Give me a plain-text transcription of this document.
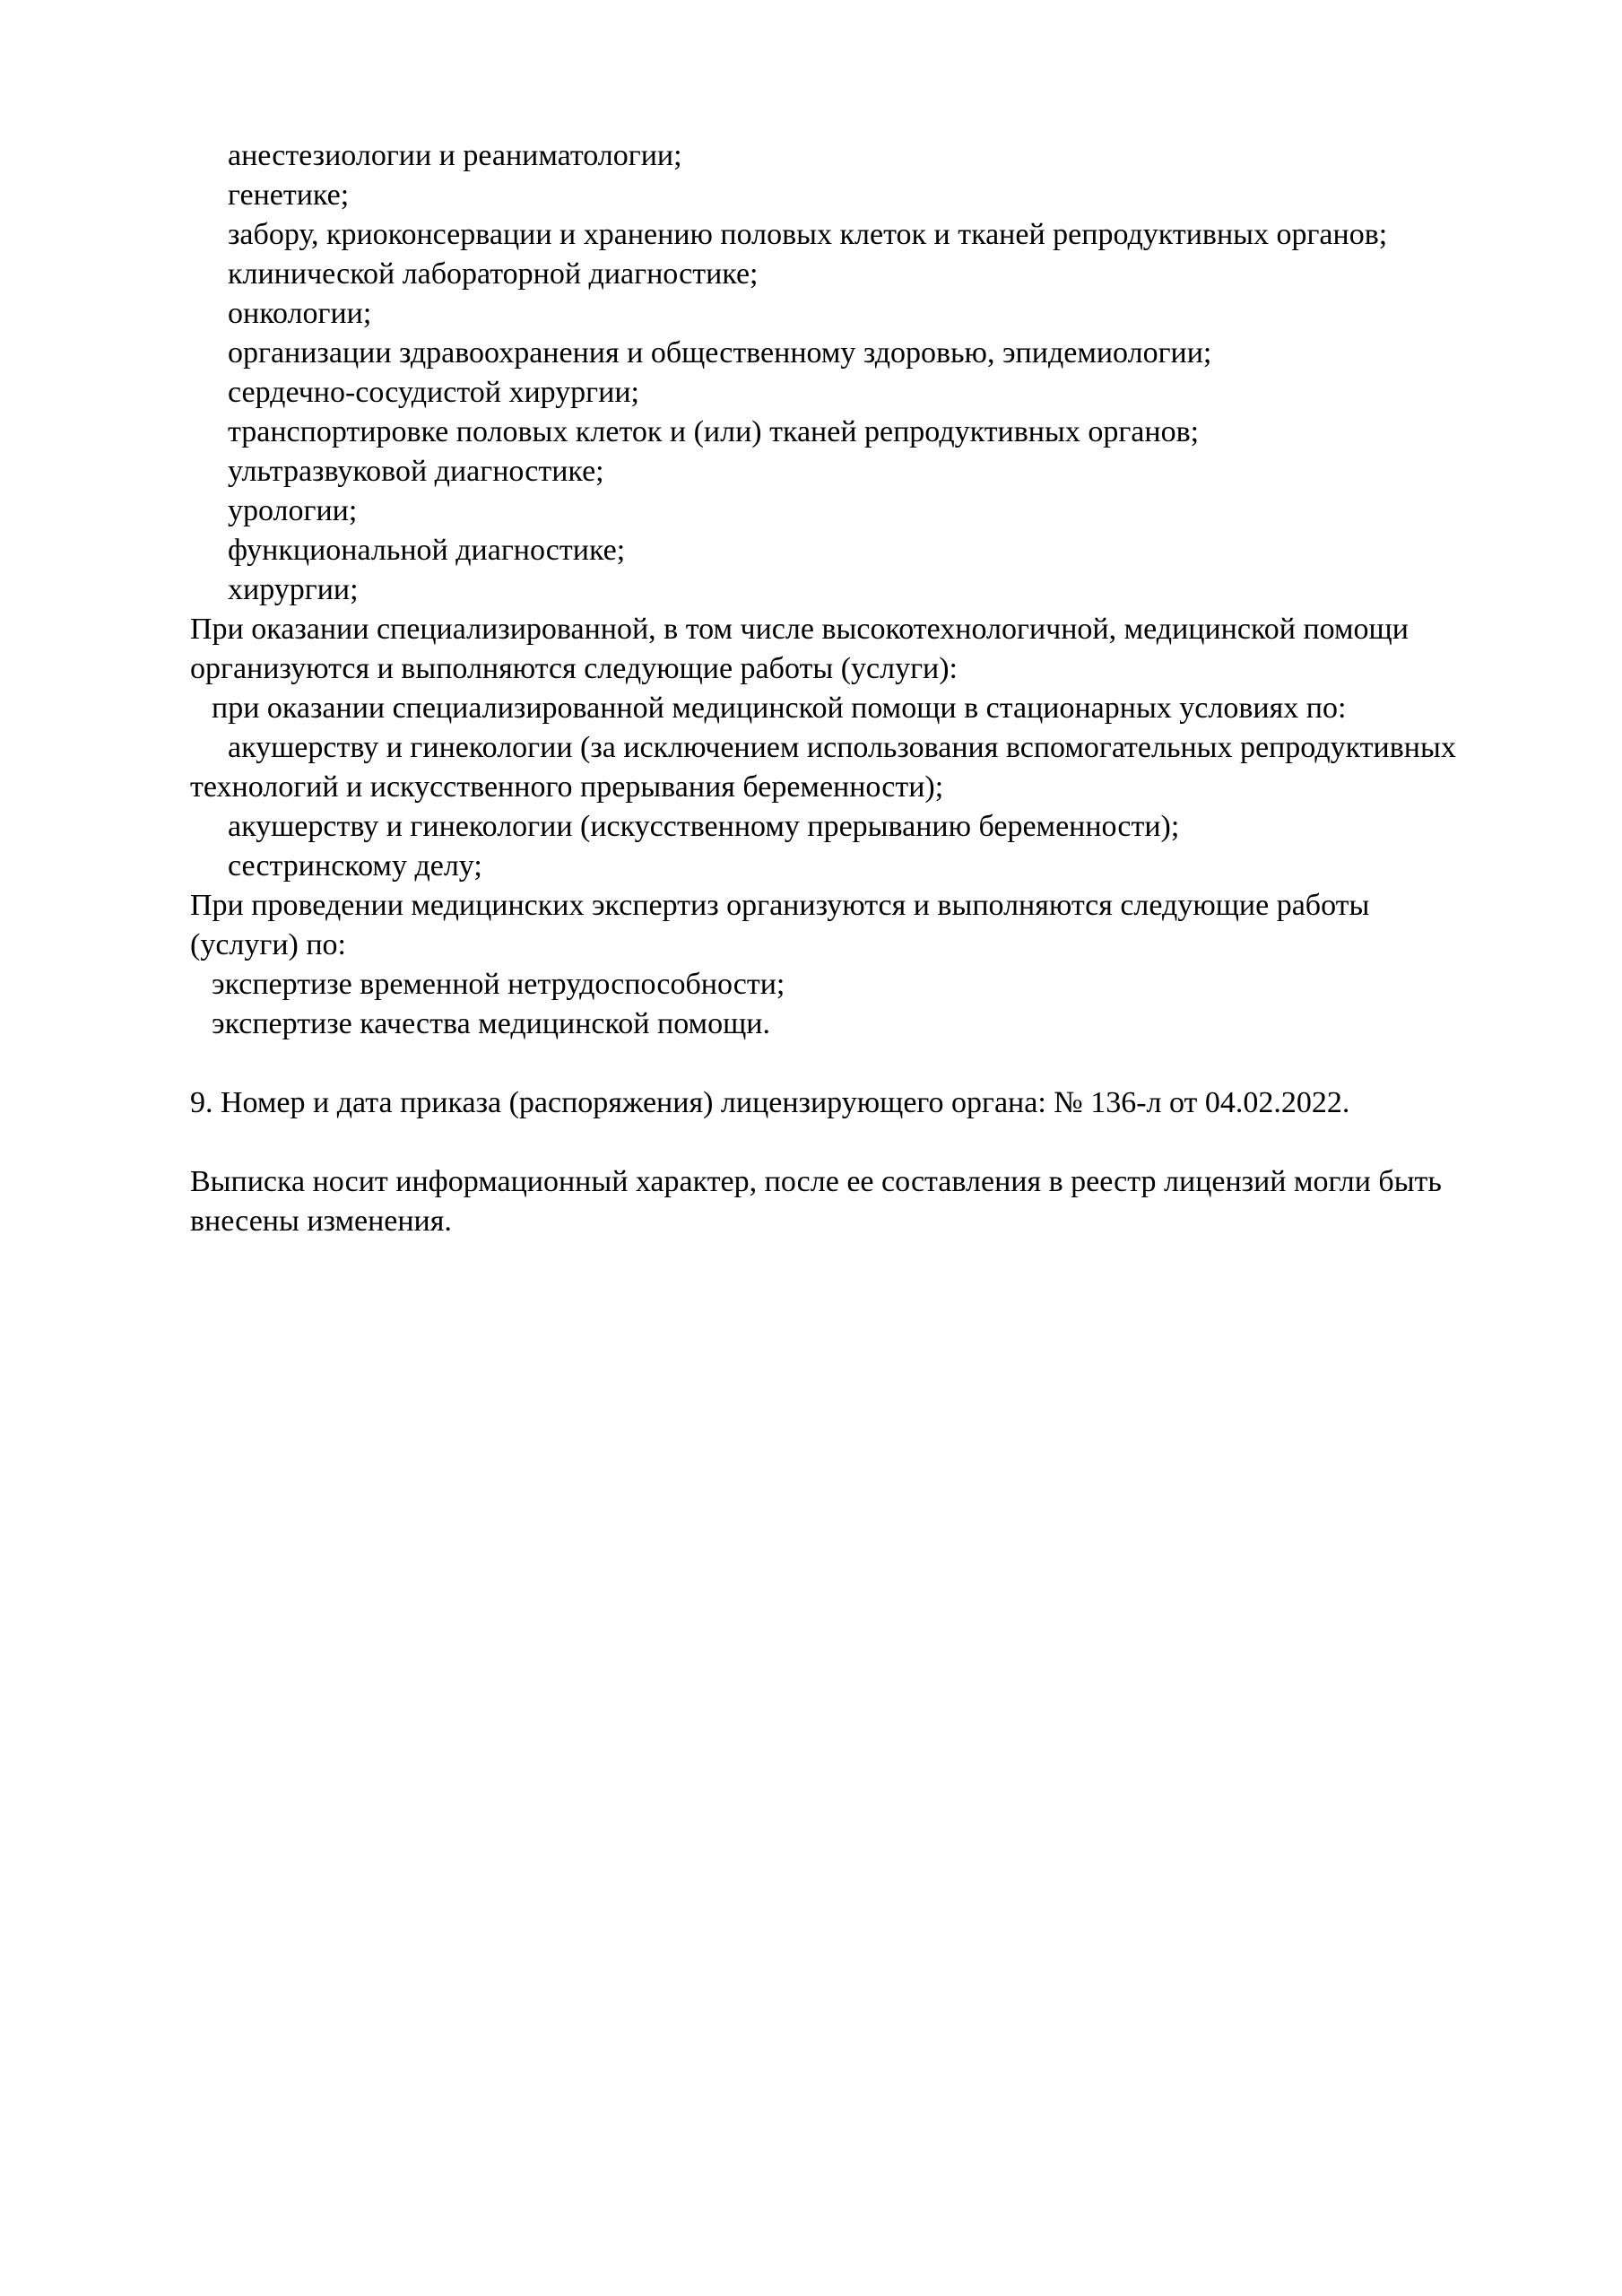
анестезиологии и реаниматологии;
генетике;
забору, криоконсервации и хранению половых клеток и тканей репродуктивных органов;
клинической лабораторной диагностике;
онкологии;
организации здравоохранения и общественному здоровью, эпидемиологии;
сердечно-сосудистой хирургии;
транспортировке половых клеток и (или) тканей репродуктивных органов;
ультразвуковой диагностике;
урологии;
функциональной диагностике;
хирургии;
При оказании специализированной, в том числе высокотехнологичной, медицинской помощи
организуются и выполняются следующие работы (услуги):
при оказании специализированной медицинской помощи в стационарных условиях по:
акушерству и гинекологии (за исключением использования вспомогательных репродуктивных
технологий и искусственного прерывания беременности);
акушерству и гинекологии (искусственному прерыванию беременности);
сестринскому делу;
При проведении медицинских экспертиз организуются и выполняются следующие работы
(услуги) по:
экспертизе временной нетрудоспособности;
экспертизе качества медицинской помощи.
9. Номер и дата приказа (распоряжения) лицензирующего органа: № 136-л от 04.02.2022.
Выписка носит информационный характер, после ее составления в реестр лицензий могли быть
внесены изменения.
